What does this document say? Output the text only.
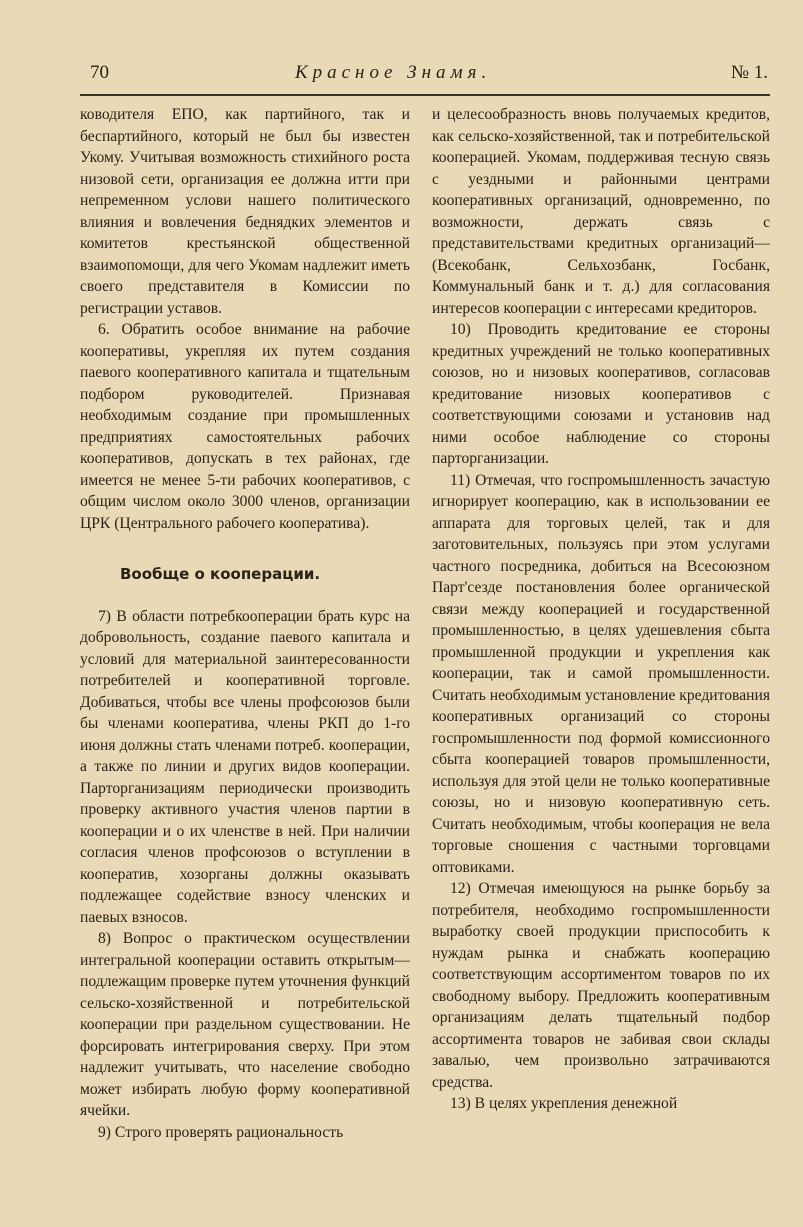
70	Красное Знамя.	№ 1.

ководителя ЕПО, как партийного, так и беспартийного, который не был бы известен Укому. Учитывая возможность стихийного роста низовой сети, организация ее должна итти при непременном услови нашего политического влияния и вовлечения беднядких элементов и комитетов крестьянской общественной взаимопомощи, для чего Укомам надлежит иметь своего представителя в Комиссии по регистрации уставов.

6. Обратить особое внимание на рабочие кооперативы, укрепляя их путем создания паевого кооперативного капитала и тщательным подбором руководителей. Признавая необходимым создание при промышленных предприятиях самостоятельных рабочих кооперативов, допускать в тех районах, где имеется не менее 5-ти рабочих кооперативов, с общим числом около 3000 членов, организации ЦРК (Центрального рабочего кооператива).

Вообще о кооперации.

7) В области потребкооперации брать курс на добровольность, создание паевого капитала и условий для материальной заинтересованности потребителей и кооперативной торговле. Добиваться, чтобы все члены профсоюзов были бы членами кооператива, члены РКП до 1-го июня должны стать членами потреб. кооперации, а также по линии и других видов кооперации. Парторганизациям периодически производить проверку активного участия членов партии в кооперации и о их членстве в ней. При наличии согласия членов профсоюзов о вступлении в кооператив, хозорганы должны оказывать подлежащее содействие взносу членских и паевых взносов.

8) Вопрос о практическом осуществлении интегральной кооперации оставить открытым—подлежащим проверке путем уточнения функций сельско-хозяйственной и потребительской кооперации при раздельном существовании. Не форсировать интегрирования сверху. При этом надлежит учитывать, что население свободно может избирать любую форму кооперативной ячейки.

9) Строго проверять рациональность

и целесообразность вновь получаемых кредитов, как сельско-хозяйственной, так и потребительской кооперацией. Укомам, поддерживая тесную связь с уездными и районными центрами кооперативных организаций, одновременно, по возможности, держать связь с представительствами кредитных организаций—(Всекобанк, Сельхозбанк, Госбанк, Коммунальный банк и т. д.) для согласования интересов кооперации с интересами кредиторов.

10) Проводить кредитование ее стороны кредитных учреждений не только кооперативных союзов, но и низовых кооперативов, согласовав кредитование низовых кооперативов с соответствующими союзами и установив над ними особое наблюдение со стороны парторганизации.

11) Отмечая, что госпромышленность зачастую игнорирует кооперацию, как в использовании ее аппарата для торговых целей, так и для заготовительных, пользуясь при этом услугами частного посредника, добиться на Всесоюзном Парт'сезде постановления более органической связи между кооперацией и государственной промышленностью, в целях удешевления сбыта промышленной продукции и укрепления как кооперации, так и самой промышленности. Считать необходимым установление кредитования кооперативных организаций со стороны госпромышленности под формой комиссионного сбыта кооперацией товаров промышленности, используя для этой цели не только кооперативные союзы, но и низовую кооперативную сеть. Считать необходимым, чтобы кооперация не вела торговые сношения с частными торговцами оптовиками.

12) Отмечая имеющуюся на рынке борьбу за потребителя, необходимо госпромышленности выработку своей продукции приспособить к нуждам рынка и снабжать кооперацию соответствующим ассортиментом товаров по их свободному выбору. Предложить кооперативным организациям делать тщательный подбор ассортимента товаров не забивая свои склады завалью, чем произвольно затрачиваются средства.

13) В целях укрепления денежной
